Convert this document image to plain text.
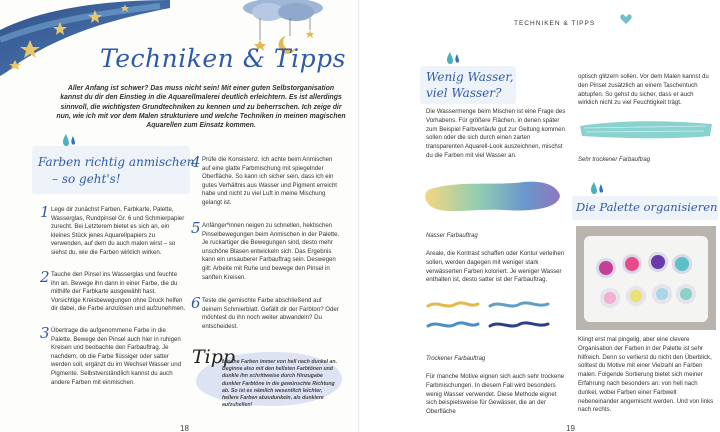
Techniken & Tipps
Aller Anfang ist schwer? Das muss nicht sein! Mit einer guten Selbstorganisation kannst du dir den Einstieg in die Aquarellmalerei deutlich erleichtern. Es ist allerdings sinnvoll, die wichtigsten Grundtechniken zu kennen und zu beherrschen. Ich zeige dir nun, wie ich mit vor dem Malen strukturiere und welche Techniken in meinen magischen Aquarellen zum Einsatz kommen.
Farben richtig anmischen
– so geht's!
1 Lege dir zunächst Farben, Farbkarte, Palette, Wasserglas, Rundpinsel Gr. 6 und Schmierpapier zurecht. Bei Letzterem bietet es sich an, ein kleines Stück jenes Aquarellpapiers zu verwenden, auf dem du auch malen wirst – so siehst du, wie die Farben wirklich wirken.
2 Tauche den Pinsel ins Wasserglas und feuchte ihn an. Bewege ihn dann in einer Farbe, die du mithilfe der Farbkarte ausgewählt hast. Vorsichtige Kreisbewegungen ohne Druck helfen dir dabei, die Farbe anzulösen und aufzunehmen.
3 Übertrage die aufgenommene Farbe in die Palette. Bewege den Pinsel auch hier in ruhigen Kreisen und beobachte den Farbauftrag. Je nachdem, ob die Farbe flüssiger oder satter werden soll, ergänzt du im Wechsel Wasser und Pigmente. Selbstverständlich kannst du auch andere Farben mit einmischen.
4 Prüfe die Konsistenz. Ich achte beim Anmischen auf eine glatte Farbmischung mit spiegelnder Oberfläche. So kann ich sicher sein, dass ich ein gutes Verhältnis aus Wasser und Pigment erreicht habe und nicht zu viel Luft in meine Mischung gelangt ist.
5 Anfänger*innen neigen zu schnellen, hektischen Pinselbewegungen beim Anmischen in der Palette. Je ruckartiger die Bewegungen sind, desto mehr unschöne Blasen entwickeln sich. Das Ergebnis kann ein unsauberer Farbauftrag sein. Deswegen gilt: Arbeite mit Ruhe und bewege den Pinsel in sanften Kreisen.
6 Teste die gemischte Farbe abschließend auf deinem Schmierblatt. Gefällt dir der Farbton? Oder möchtest du ihn noch weiter abwandeln? Du entscheidest.
Tipp
Mische Farben immer von hell nach dunkel an. Beginne also mit den hellsten Farbtönen und dunkle ihn schrittweise durch Hinzugabe dunkler Farbtöne in die gewünschte Richtung ab. So ist es nämlich wesentlich leichter, hellere Farben abzudunkeln, als dunklere aufzuhellen!
18
TECHNIKEN & TIPPS
Wenig Wasser,
viel Wasser?
Die Wassermenge beim Mischen ist eine Frage des Vorhabens. Für größere Flächen, in denen später zum Beispiel Farbverläufe gut zur Geltung kommen sollen oder die sich durch einen zarten transparenten Aquarell-Look auszeichnen, mischst du die Farben mit viel Wasser an.
Nasser Farbauftrag
Areale, die Kontrast schaffen oder Kontur verleihen sollen, werden dagegen mit weniger stark verwässerten Farben koloriert. Je weniger Wasser enthalten ist, desto satter ist der Farbauftrag.
Trockener Farbauftrag
Für manche Motive eignen sich auch sehr trockene Farbmischungen. In diesem Fall wird besonders wenig Wasser verwendet. Diese Methode eignet sich beispielsweise für Gewässer, die an der Oberfläche
optisch glitzern sollen. Vor dem Malen kannst du den Pinsel zusätzlich an einem Taschentuch abtupfen. So gehst du sicher, dass er auch wirklich nicht zu viel Feuchtigkeit trägt.
Sehr trockener Farbauftrag
Die Palette organisieren
Klingt erst mal pingelig, aber eine clevere Organisation der Farben in der Palette ist sehr hilfreich. Denn so verlierst du nicht den Überblick, solltest du Motive mit einer Vielzahl an Farben malen. Folgende Sortierung bietet sich meiner Erfahrung nach besonders an: von hell nach dunkel, wobei Farben einer Farbwelt nebeneinander angemischt werden. Und von links nach rechts.
19
